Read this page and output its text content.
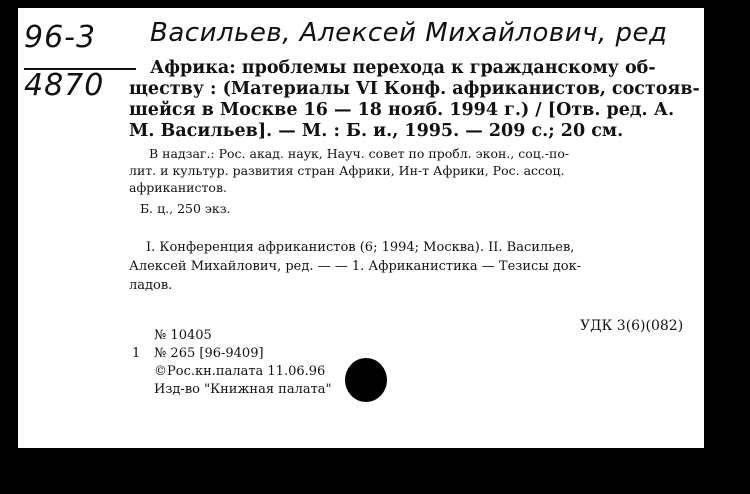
96-3
4870
Васильев, Алексей Михайлович, ред
Африка: проблемы перехода к гражданскому об-
ществу : (Материалы VI Конф. африканистов, состояв-
шейся в Москве 16 — 18 нояб. 1994 г.) / [Отв. ред. А.
М. Васильев]. — М. : Б. и., 1995. — 209 с.; 20 см.
В надзаг.: Рос. акад. наук, Науч. совет по пробл. экон., соц.-по-
лит. и культур. развития стран Африки, Ин-т Африки, Рос. ассоц.
африканистов.
Б. ц., 250 экз.
I. Конференция африканистов (6; 1994; Москва). II. Васильев,
Алексей Михайлович, ред. — — 1. Африканистика — Тезисы док-
ладов.
№ 10405
УДК 3(6)(082)
1 № 265 [96-9409]
©Рос.кн.палата 11.06.96
Изд-во "Книжная палата"
